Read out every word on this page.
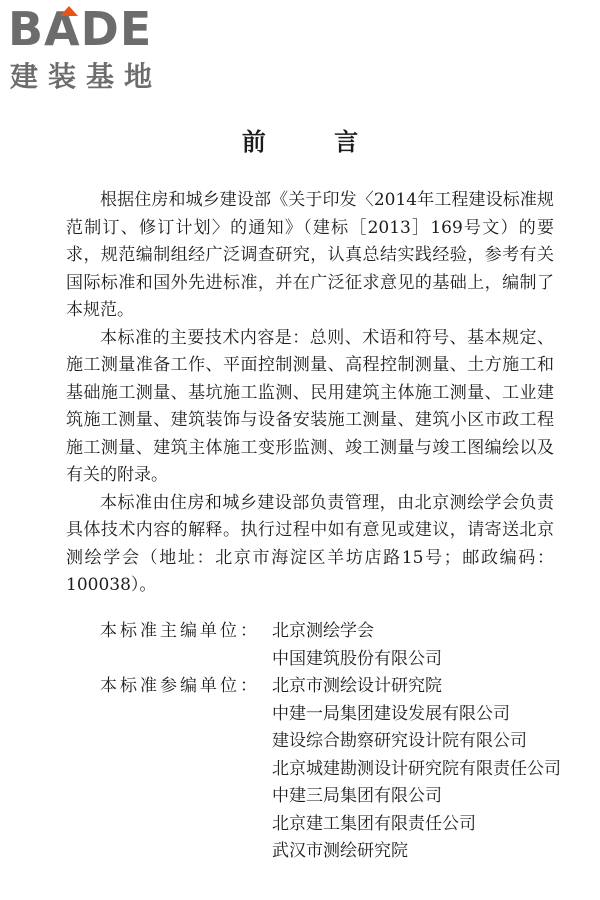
BADE
建装基地
前 言

根据住房和城乡建设部《关于印发〈2014年工程建设标准规范制订、修订计划〉的通知》（建标［2013］169号文）的要求，规范编制组经广泛调查研究，认真总结实践经验，参考有关国际标准和国外先进标准，并在广泛征求意见的基础上，编制了本规范。

本标准的主要技术内容是：总则、术语和符号、基本规定、施工测量准备工作、平面控制测量、高程控制测量、土方施工和基础施工测量、基坑施工监测、民用建筑主体施工测量、工业建筑施工测量、建筑装饰与设备安装施工测量、建筑小区市政工程施工测量、建筑主体施工变形监测、竣工测量与竣工图编绘以及有关的附录。

本标准由住房和城乡建设部负责管理，由北京测绘学会负责具体技术内容的解释。执行过程中如有意见或建议，请寄送北京测绘学会（地址：北京市海淀区羊坊店路15号；邮政编码：100038）。

本标准主编单位： 北京测绘学会
中国建筑股份有限公司
本标准参编单位： 北京市测绘设计研究院
中建一局集团建设发展有限公司
建设综合勘察研究设计院有限公司
北京城建勘测设计研究院有限责任公司
中建三局集团有限公司
北京建工集团有限责任公司
武汉市测绘研究院
